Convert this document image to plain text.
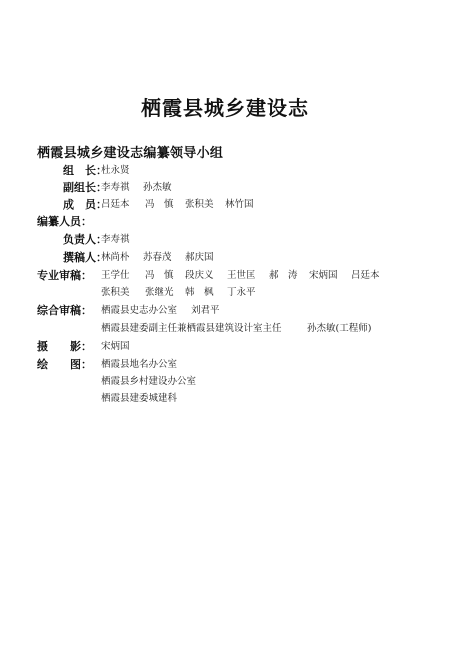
栖霞县城乡建设志
栖霞县城乡建设志编纂领导小组
组　长：
杜永贤
副组长：
李寿祺 孙杰敏
成　员：
吕廷本 冯　慎 张积美 林竹国
编纂人员：
负责人：
李寿祺
撰稿人：
林尚朴 苏春茂 郝庆国
专业审稿： 王学仕 冯　慎 段庆义 王世匡 郝　涛 宋炳国 吕廷本
张积美 张继光 韩　枫 丁永平
综合审稿： 栖霞县史志办公室 刘君平
栖霞县建委副主任兼栖霞县建筑设计室主任	孙杰敏(工程师)
摄　　影： 宋炳国
绘　　图： 栖霞县地名办公室
栖霞县乡村建设办公室
栖霞县建委城建科
